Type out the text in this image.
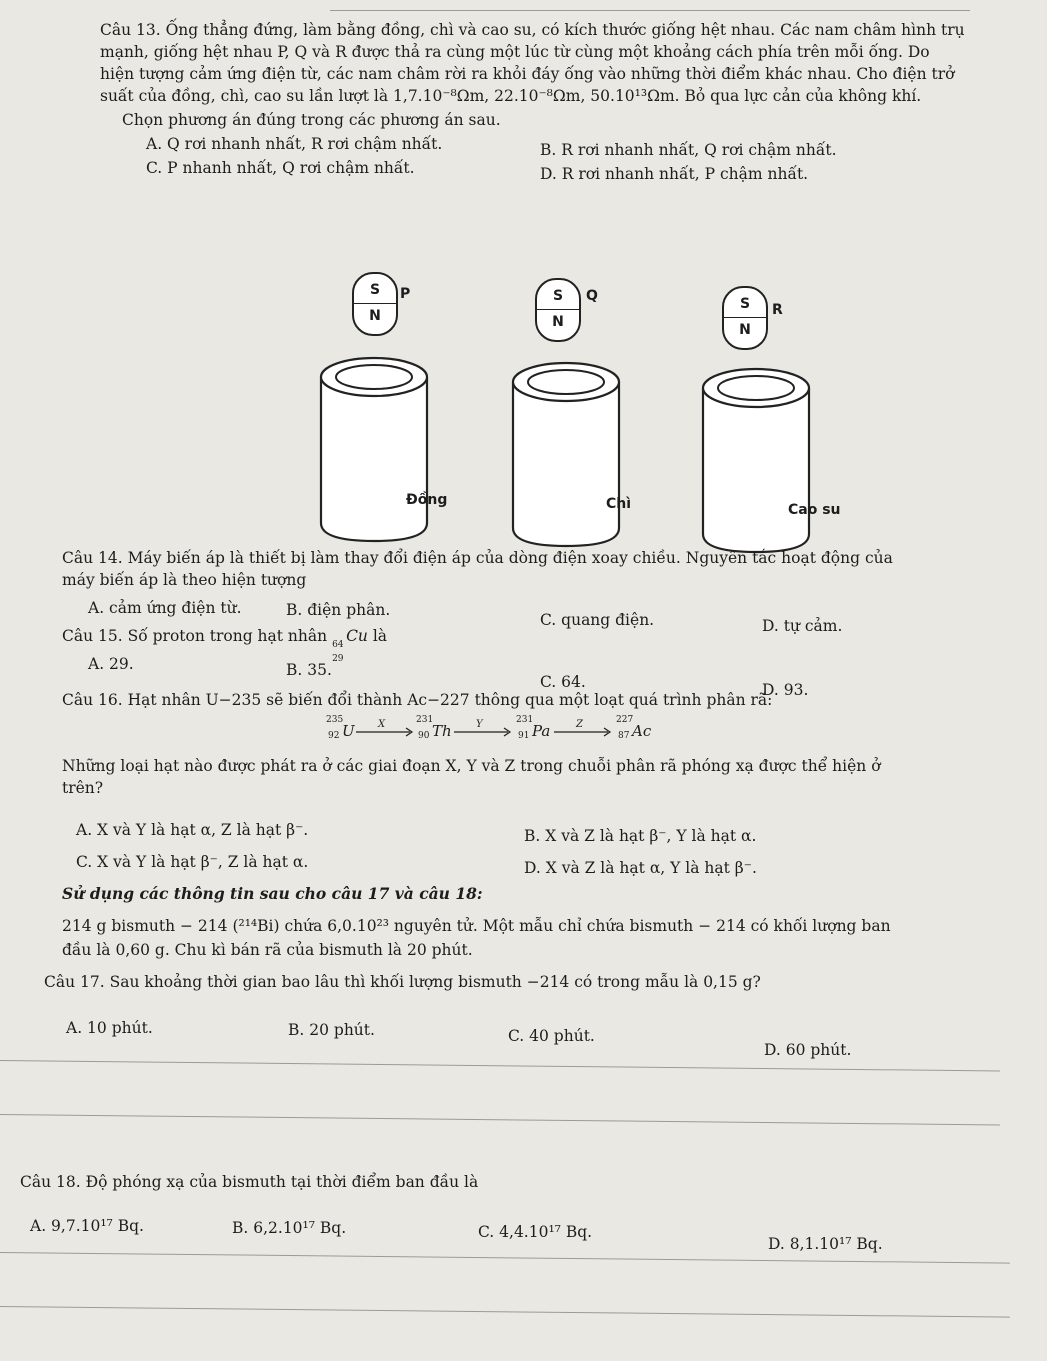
Câu 13. Ống thẳng đứng, làm bằng đồng, chì và cao su, có kích thước giống hệt nhau. Các nam châm hình trụ
mạnh, giống hệt nhau P, Q và R được thả ra cùng một lúc từ cùng một khoảng cách phía trên mỗi ống. Do
hiện tượng cảm ứng điện từ, các nam châm rời ra khỏi đáy ống vào những thời điểm khác nhau. Cho điện trở
suất của đồng, chì, cao su lần lượt là 1,7.10⁻⁸Ωm, 22.10⁻⁸Ωm, 50.10¹³Ωm. Bỏ qua lực cản của không khí.
Chọn phương án đúng trong các phương án sau.
A. Q rơi nhanh nhất, R rơi chậm nhất.	B. R rơi nhanh nhất, Q rơi chậm nhất.
C. P nhanh nhất, Q rơi chậm nhất.	D. R rơi nhanh nhất, P chậm nhất.
S
N
P	S
N
Q	S
N
R
Đồng	Chì	Cao su
Câu 14. Máy biến áp là thiết bị làm thay đổi điện áp của dòng điện xoay chiều. Nguyên tắc hoạt động của
máy biến áp là theo hiện tượng
A. cảm ứng điện từ.	B. điện phân.
C. quang điện.	D. tự cảm.
Câu 15. Số proton trong hạt nhân 64
29
Cu là
A. 29.	B. 35.
C. 64.	D. 93.
Câu 16. Hạt nhân U−235 sẽ biến đổi thành Ac−227 thông qua một loạt quá trình phân rã:
235
92 U X	231
90 Th Y	231
91 Pa	Z	227
87 Ac
Những loại hạt nào được phát ra ở các giai đoạn X, Y và Z trong chuỗi phân rã phóng xạ được thể hiện ở
trên?
A. X và Y là hạt α, Z là hạt β⁻.	B. X và Z là hạt β⁻, Y là hạt α.
C. X và Y là hạt β⁻, Z là hạt α.	D. X và Z là hạt α, Y là hạt β⁻.
Sử dụng các thông tin sau cho câu 17 và câu 18:
214 g bismuth − 214 (²¹⁴Bi) chứa 6,0.10²³ nguyên tử. Một mẫu chỉ chứa bismuth − 214 có khối lượng ban
đầu là 0,60 g. Chu kì bán rã của bismuth là 20 phút.
Câu 17. Sau khoảng thời gian bao lâu thì khối lượng bismuth −214 có trong mẫu là 0,15 g?
A. 10 phút.	B. 20 phút.	C. 40 phút.
D. 60 phút.
Câu 18. Độ phóng xạ của bismuth tại thời điểm ban đầu là
A. 9,7.10¹⁷ Bq.	B. 6,2.10¹⁷ Bq.	C. 4,4.10¹⁷ Bq.
D. 8,1.10¹⁷ Bq.
